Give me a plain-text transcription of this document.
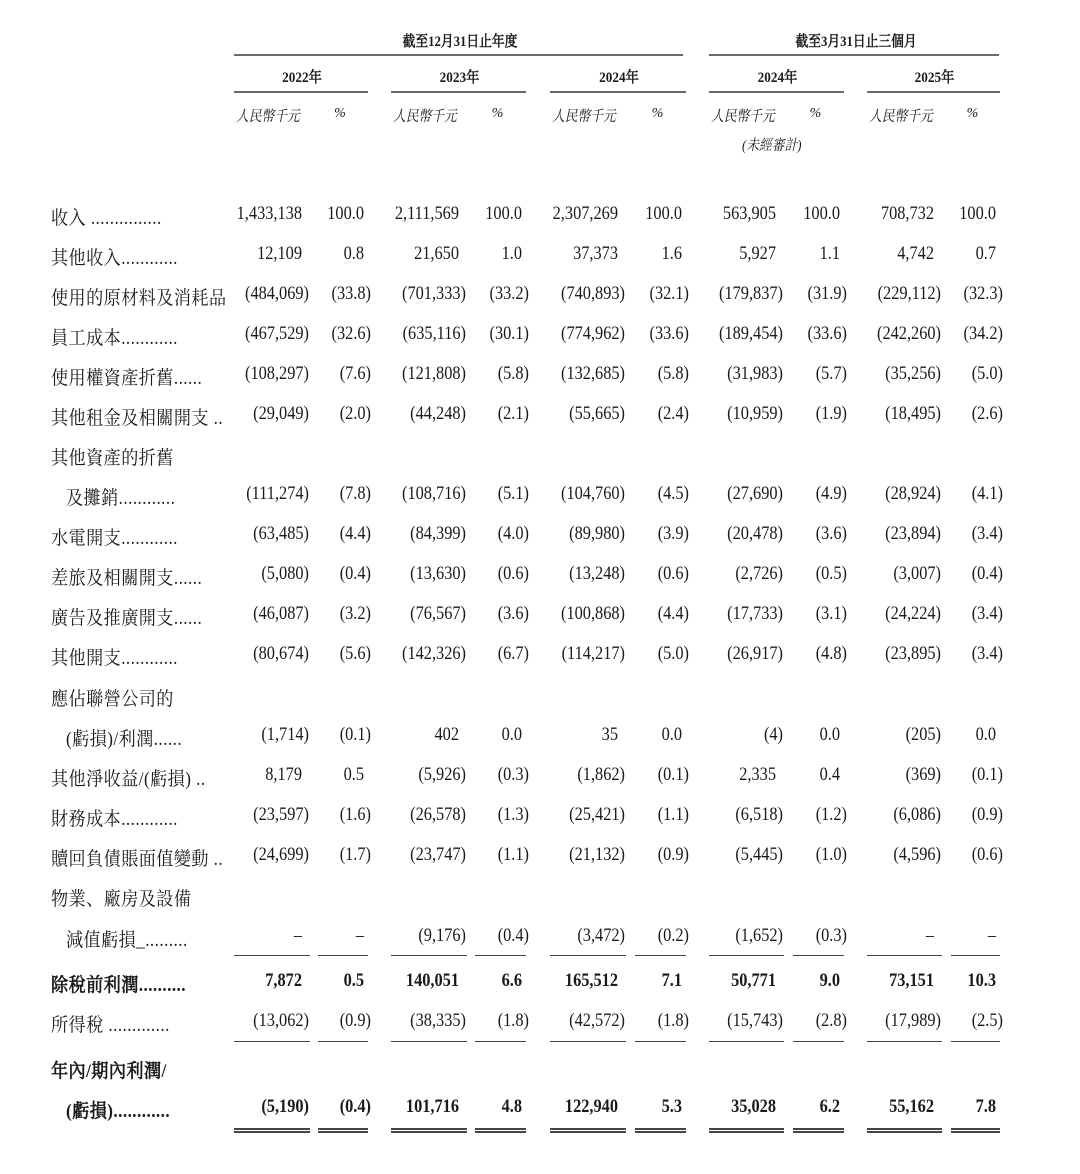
截至12月31日止年度	截至3月31日止三個月
2022年
人民幣千元	%
2023年
人民幣千元	%
2024年
人民幣千元	%
2024年
人民幣千元	%
(未經審計)
2025年
人民幣千元	%
收入 ...............	1,433,138	100.0	2,111,569	100.0	2,307,269	100.0	563,905	100.0	708,732	100.0
其他收入............	12,109	0.8	21,650	1.0	37,373	1.6	5,927	1.1	4,742	0.7
使用的原材料及消耗品 (484,069)	(33.8)	(701,333)	(33.2)	(740,893)	(32.1)	(179,837)	(31.9)	(229,112)	(32.3)
員工成本............	(467,529)	(32.6)	(635,116)	(30.1)	(774,962)	(33.6)	(189,454)	(33.6)	(242,260)	(34.2)
使用權資產折舊......	(108,297)	(7.6)	(121,808)	(5.8)	(132,685)	(5.8)	(31,983)	(5.7)	(35,256)	(5.0)
其他租金及相關開支 ..	(29,049)	(2.0)	(44,248)	(2.1)	(55,665)	(2.4)	(10,959)	(1.9)	(18,495)	(2.6)
其他資產的折舊
及攤銷............	(111,274)	(7.8)	(108,716)	(5.1)	(104,760)	(4.5)	(27,690)	(4.9)	(28,924)	(4.1)
水電開支............	(63,485)	(4.4)	(84,399)	(4.0)	(89,980)	(3.9)	(20,478)	(3.6)	(23,894)	(3.4)
差旅及相關開支......	(5,080)	(0.4)	(13,630)	(0.6)	(13,248)	(0.6)	(2,726)	(0.5)	(3,007)	(0.4)
廣告及推廣開支......	(46,087)	(3.2)	(76,567)	(3.6)	(100,868)	(4.4)	(17,733)	(3.1)	(24,224)	(3.4)
其他開支............	(80,674)	(5.6)	(142,326)	(6.7)	(114,217)	(5.0)	(26,917)	(4.8)	(23,895)	(3.4)
應佔聯營公司的
(虧損)/利潤......	(1,714)	(0.1)	402	0.0	35	0.0	(4)	0.0	(205)	0.0
其他淨收益/(虧損) ..	8,179	0.5	(5,926)	(0.3)	(1,862)	(0.1)	2,335	0.4	(369)	(0.1)
財務成本............	(23,597)	(1.6)	(26,578)	(1.3)	(25,421)	(1.1)	(6,518)	(1.2)	(6,086)	(0.9)
贖回負債賬面值變動 ..	(24,699)	(1.7)	(23,747)	(1.1)	(21,132)	(0.9)	(5,445)	(1.0)	(4,596)	(0.6)
物業、廠房及設備
減值虧損_.........	–	–	(9,176)	(0.4)	(3,472)	(0.2)	(1,652)	(0.3)	–	–
除稅前利潤..........	7,872	0.5	140,051	6.6	165,512	7.1	50,771	9.0	73,151	10.3
所得稅 .............	(13,062)	(0.9)	(38,335)	(1.8)	(42,572)	(1.8)	(15,743)	(2.8)	(17,989)	(2.5)
年內/期內利潤/
(虧損)............	(5,190)	(0.4)	101,716	4.8	122,940	5.3	35,028	6.2	55,162	7.8
